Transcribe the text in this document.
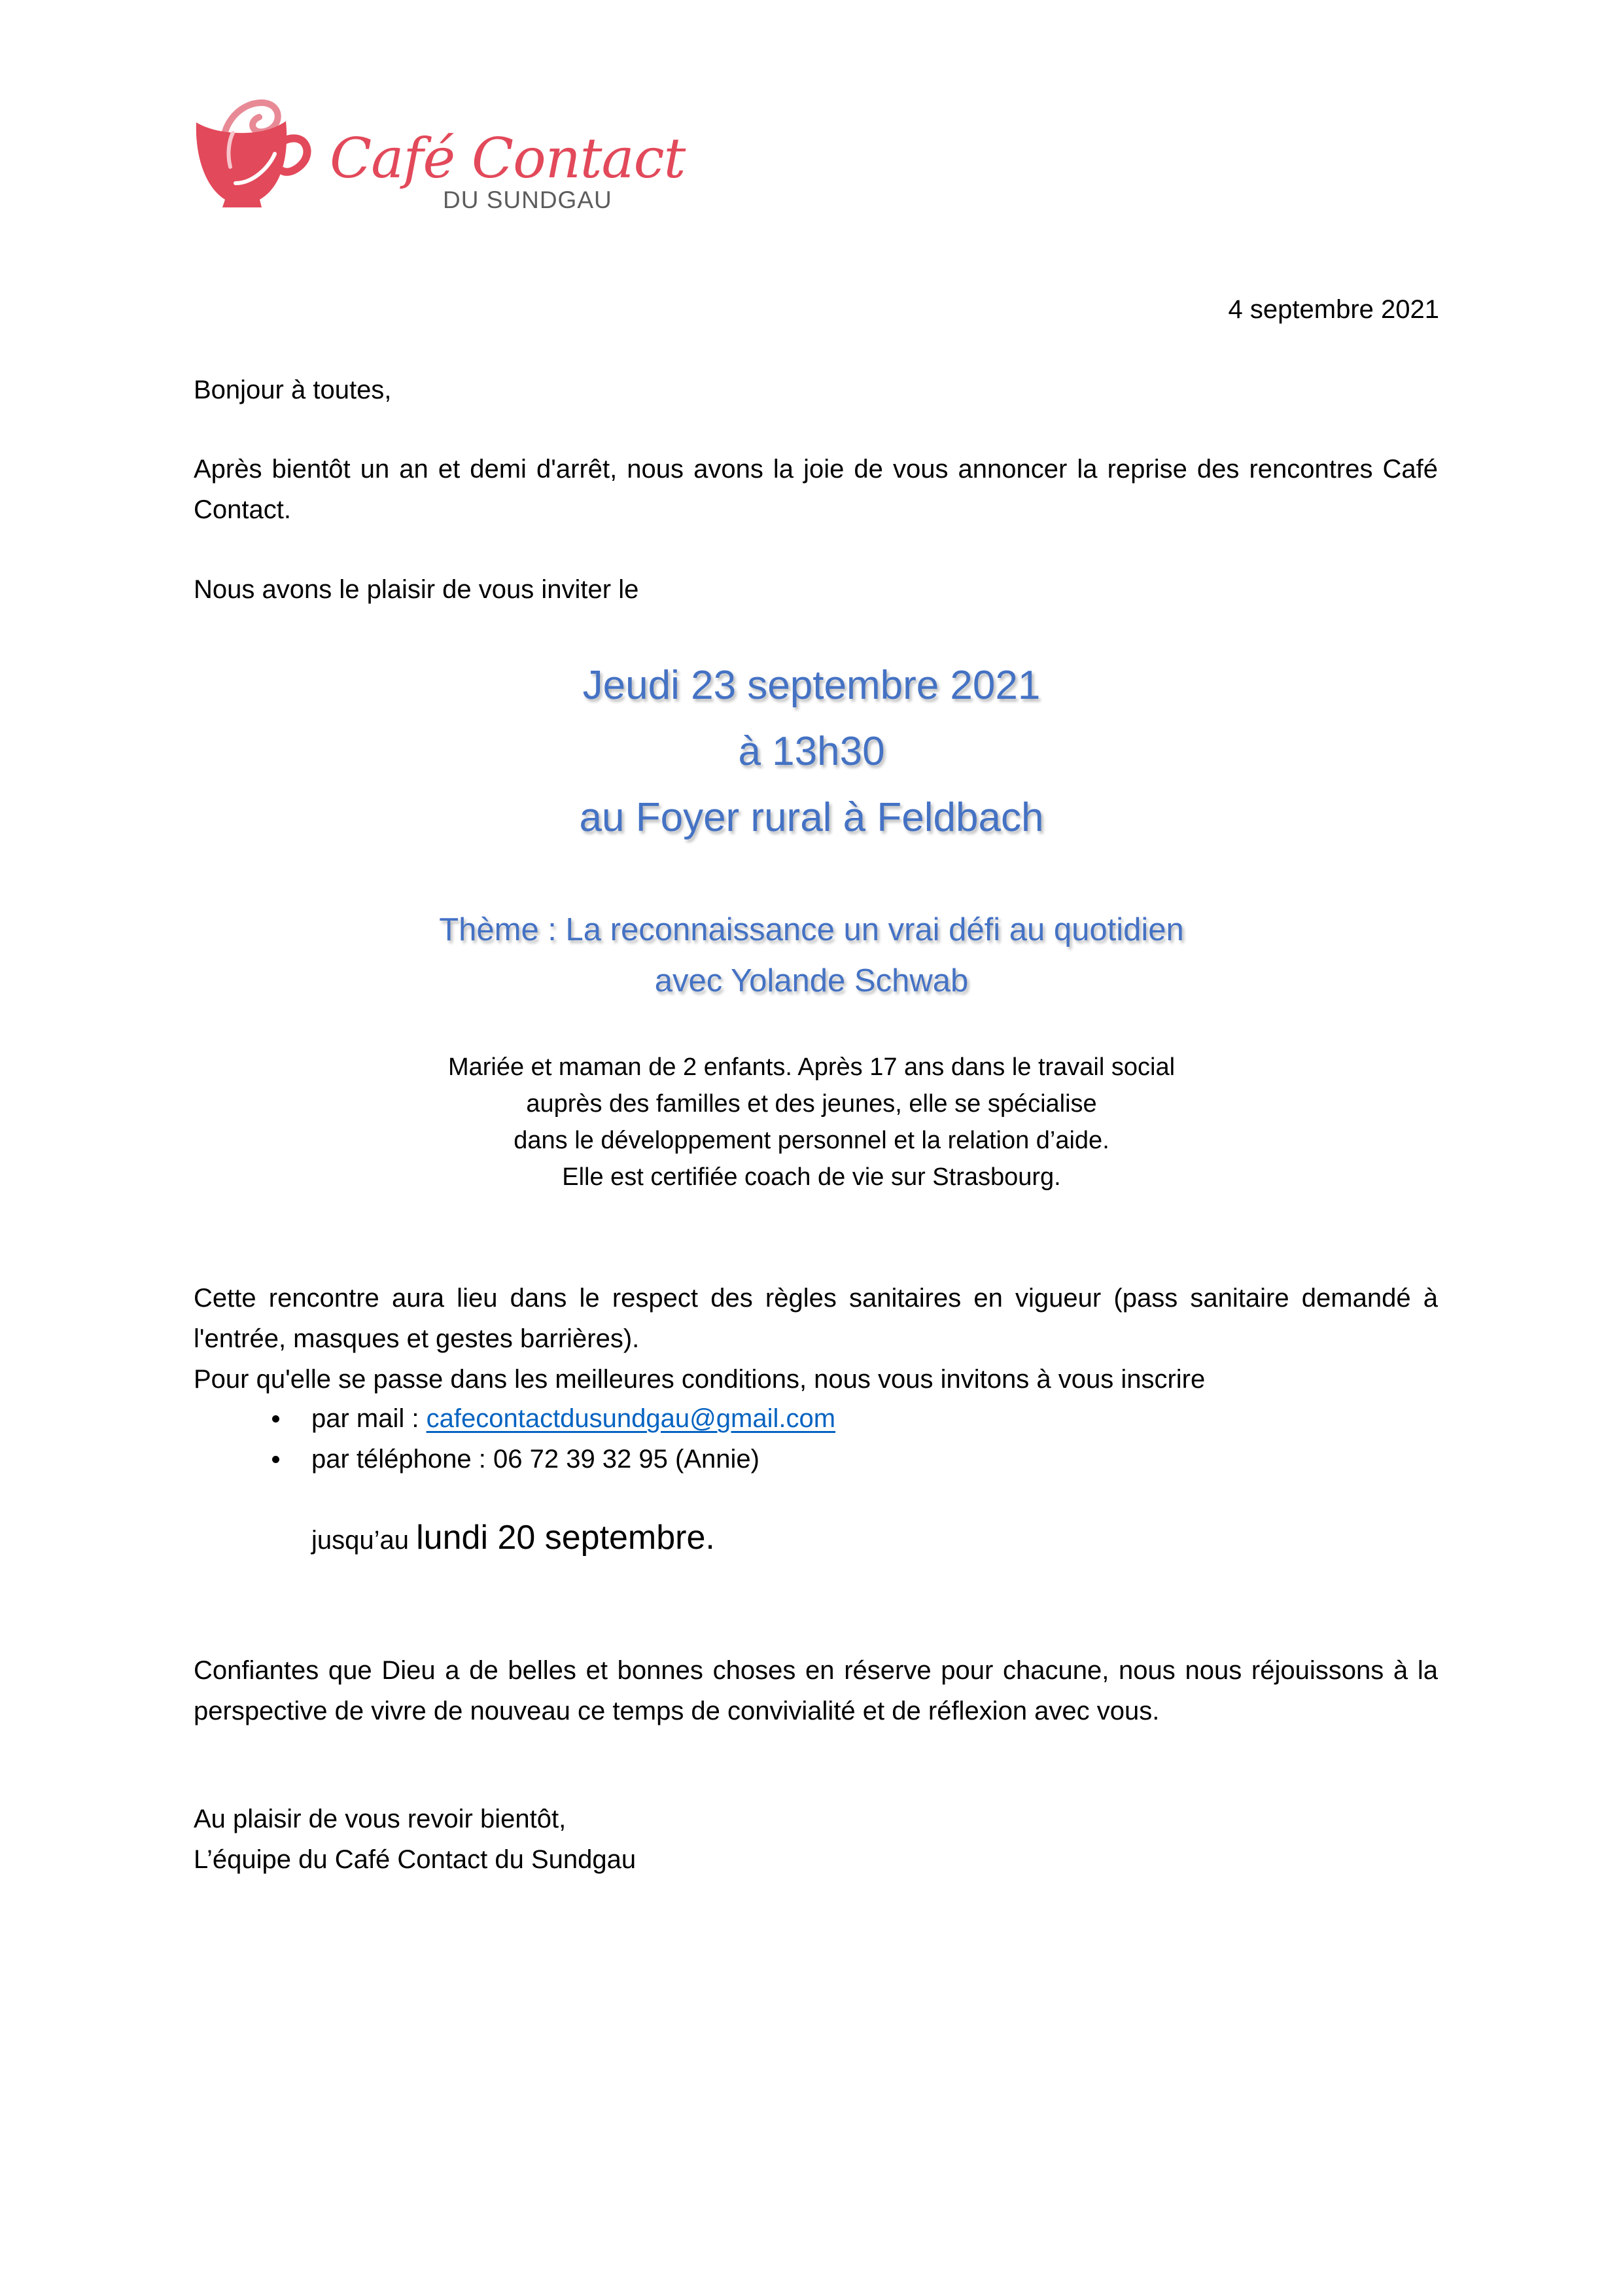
Café Contact
DU SUNDGAU
4 septembre 2021
Bonjour à toutes,
Après bientôt un an et demi d'arrêt, nous avons la joie de vous annoncer la reprise des rencontres Café Contact.
Nous avons le plaisir de vous inviter le
Jeudi 23 septembre 2021
à 13h30
au Foyer rural à Feldbach
Thème : La reconnaissance un vrai défi au quotidien
avec Yolande Schwab
Mariée et maman de 2 enfants. Après 17 ans dans le travail social
auprès des familles et des jeunes, elle se spécialise
dans le développement personnel et la relation d’aide.
Elle est certifiée coach de vie sur Strasbourg.
Cette rencontre aura lieu dans le respect des règles sanitaires en vigueur (pass sanitaire demandé à l'entrée, masques et gestes barrières).
Pour qu'elle se passe dans les meilleures conditions, nous vous invitons à vous inscrire
par mail : cafecontactdusundgau@gmail.com
par téléphone : 06 72 39 32 95 (Annie)
jusqu’au lundi 20 septembre.
Confiantes que Dieu a de belles et bonnes choses en réserve pour chacune, nous nous réjouissons à la perspective de vivre de nouveau ce temps de convivialité et de réflexion avec vous.
Au plaisir de vous revoir bientôt,
L’équipe du Café Contact du Sundgau
